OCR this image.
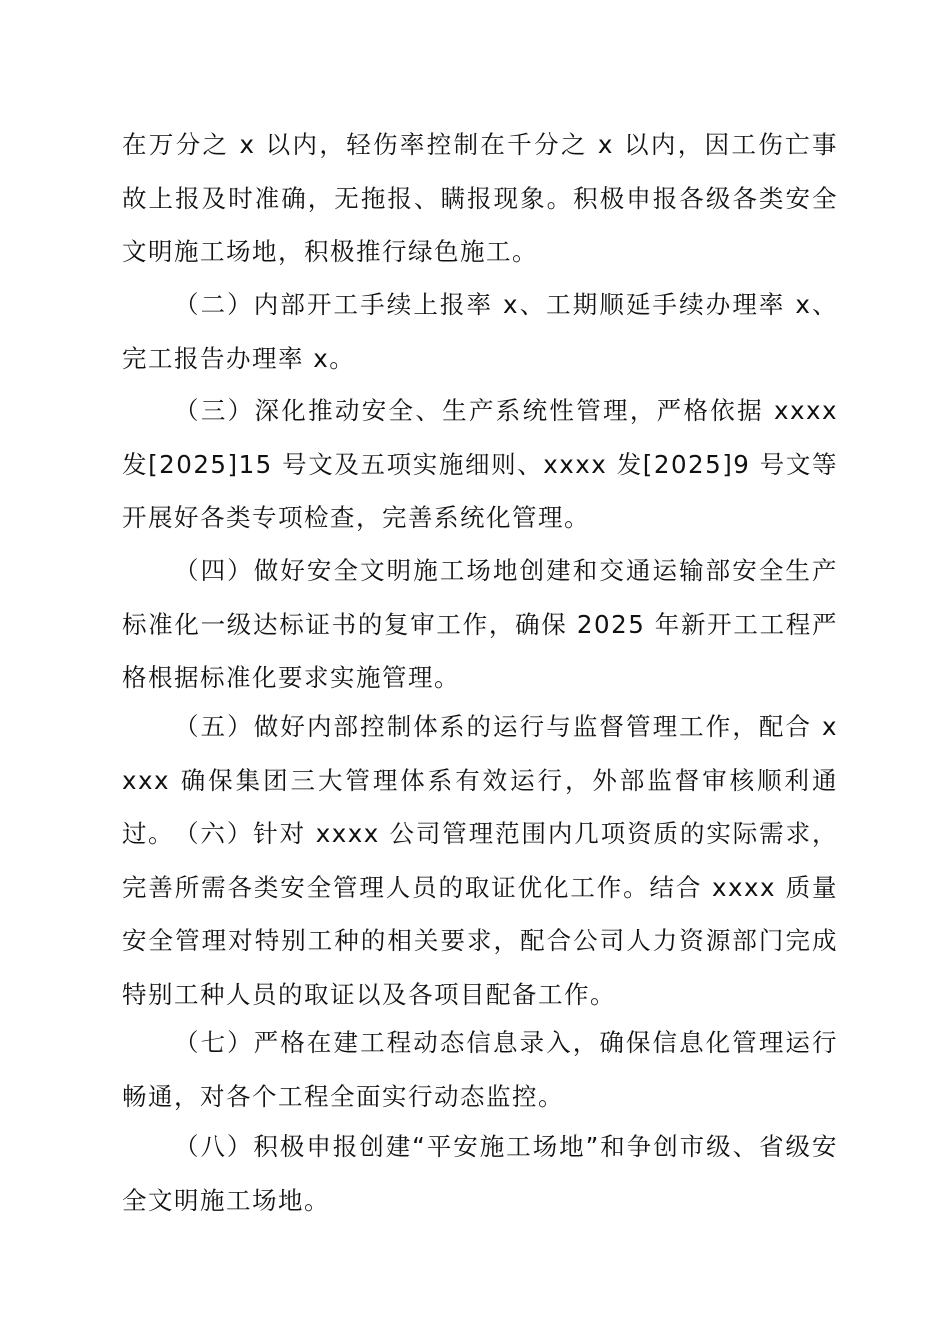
在万分之 x 以内，轻伤率控制在千分之 x 以内，因工伤亡事故上报及时准确，无拖报、瞒报现象。积极申报各级各类安全文明施工场地，积极推行绿色施工。

（二）内部开工手续上报率 x、工期顺延手续办理率 x、完工报告办理率 x。

（三）深化推动安全、生产系统性管理，严格依据 xxxx 发[2025]15 号文及五项实施细则、xxxx 发[2025]9 号文等开展好各类专项检查，完善系统化管理。

（四）做好安全文明施工场地创建和交通运输部安全生产标准化一级达标证书的复审工作，确保 2025 年新开工工程严格根据标准化要求实施管理。

（五）做好内部控制体系的运行与监督管理工作，配合 xxxx 确保集团三大管理体系有效运行，外部监督审核顺利通过。 （六）针对 xxxx 公司管理范围内几项资质的实际需求，完善所需各类安全管理人员的取证优化工作。结合 xxxx 质量安全管理对特别工种的相关要求，配合公司人力资源部门完成特别工种人员的取证以及各项目配备工作。

（七）严格在建工程动态信息录入，确保信息化管理运行畅通，对各个工程全面实行动态监控。

（八）积极申报创建“平安施工场地”和争创市级、省级安全文明施工场地。
